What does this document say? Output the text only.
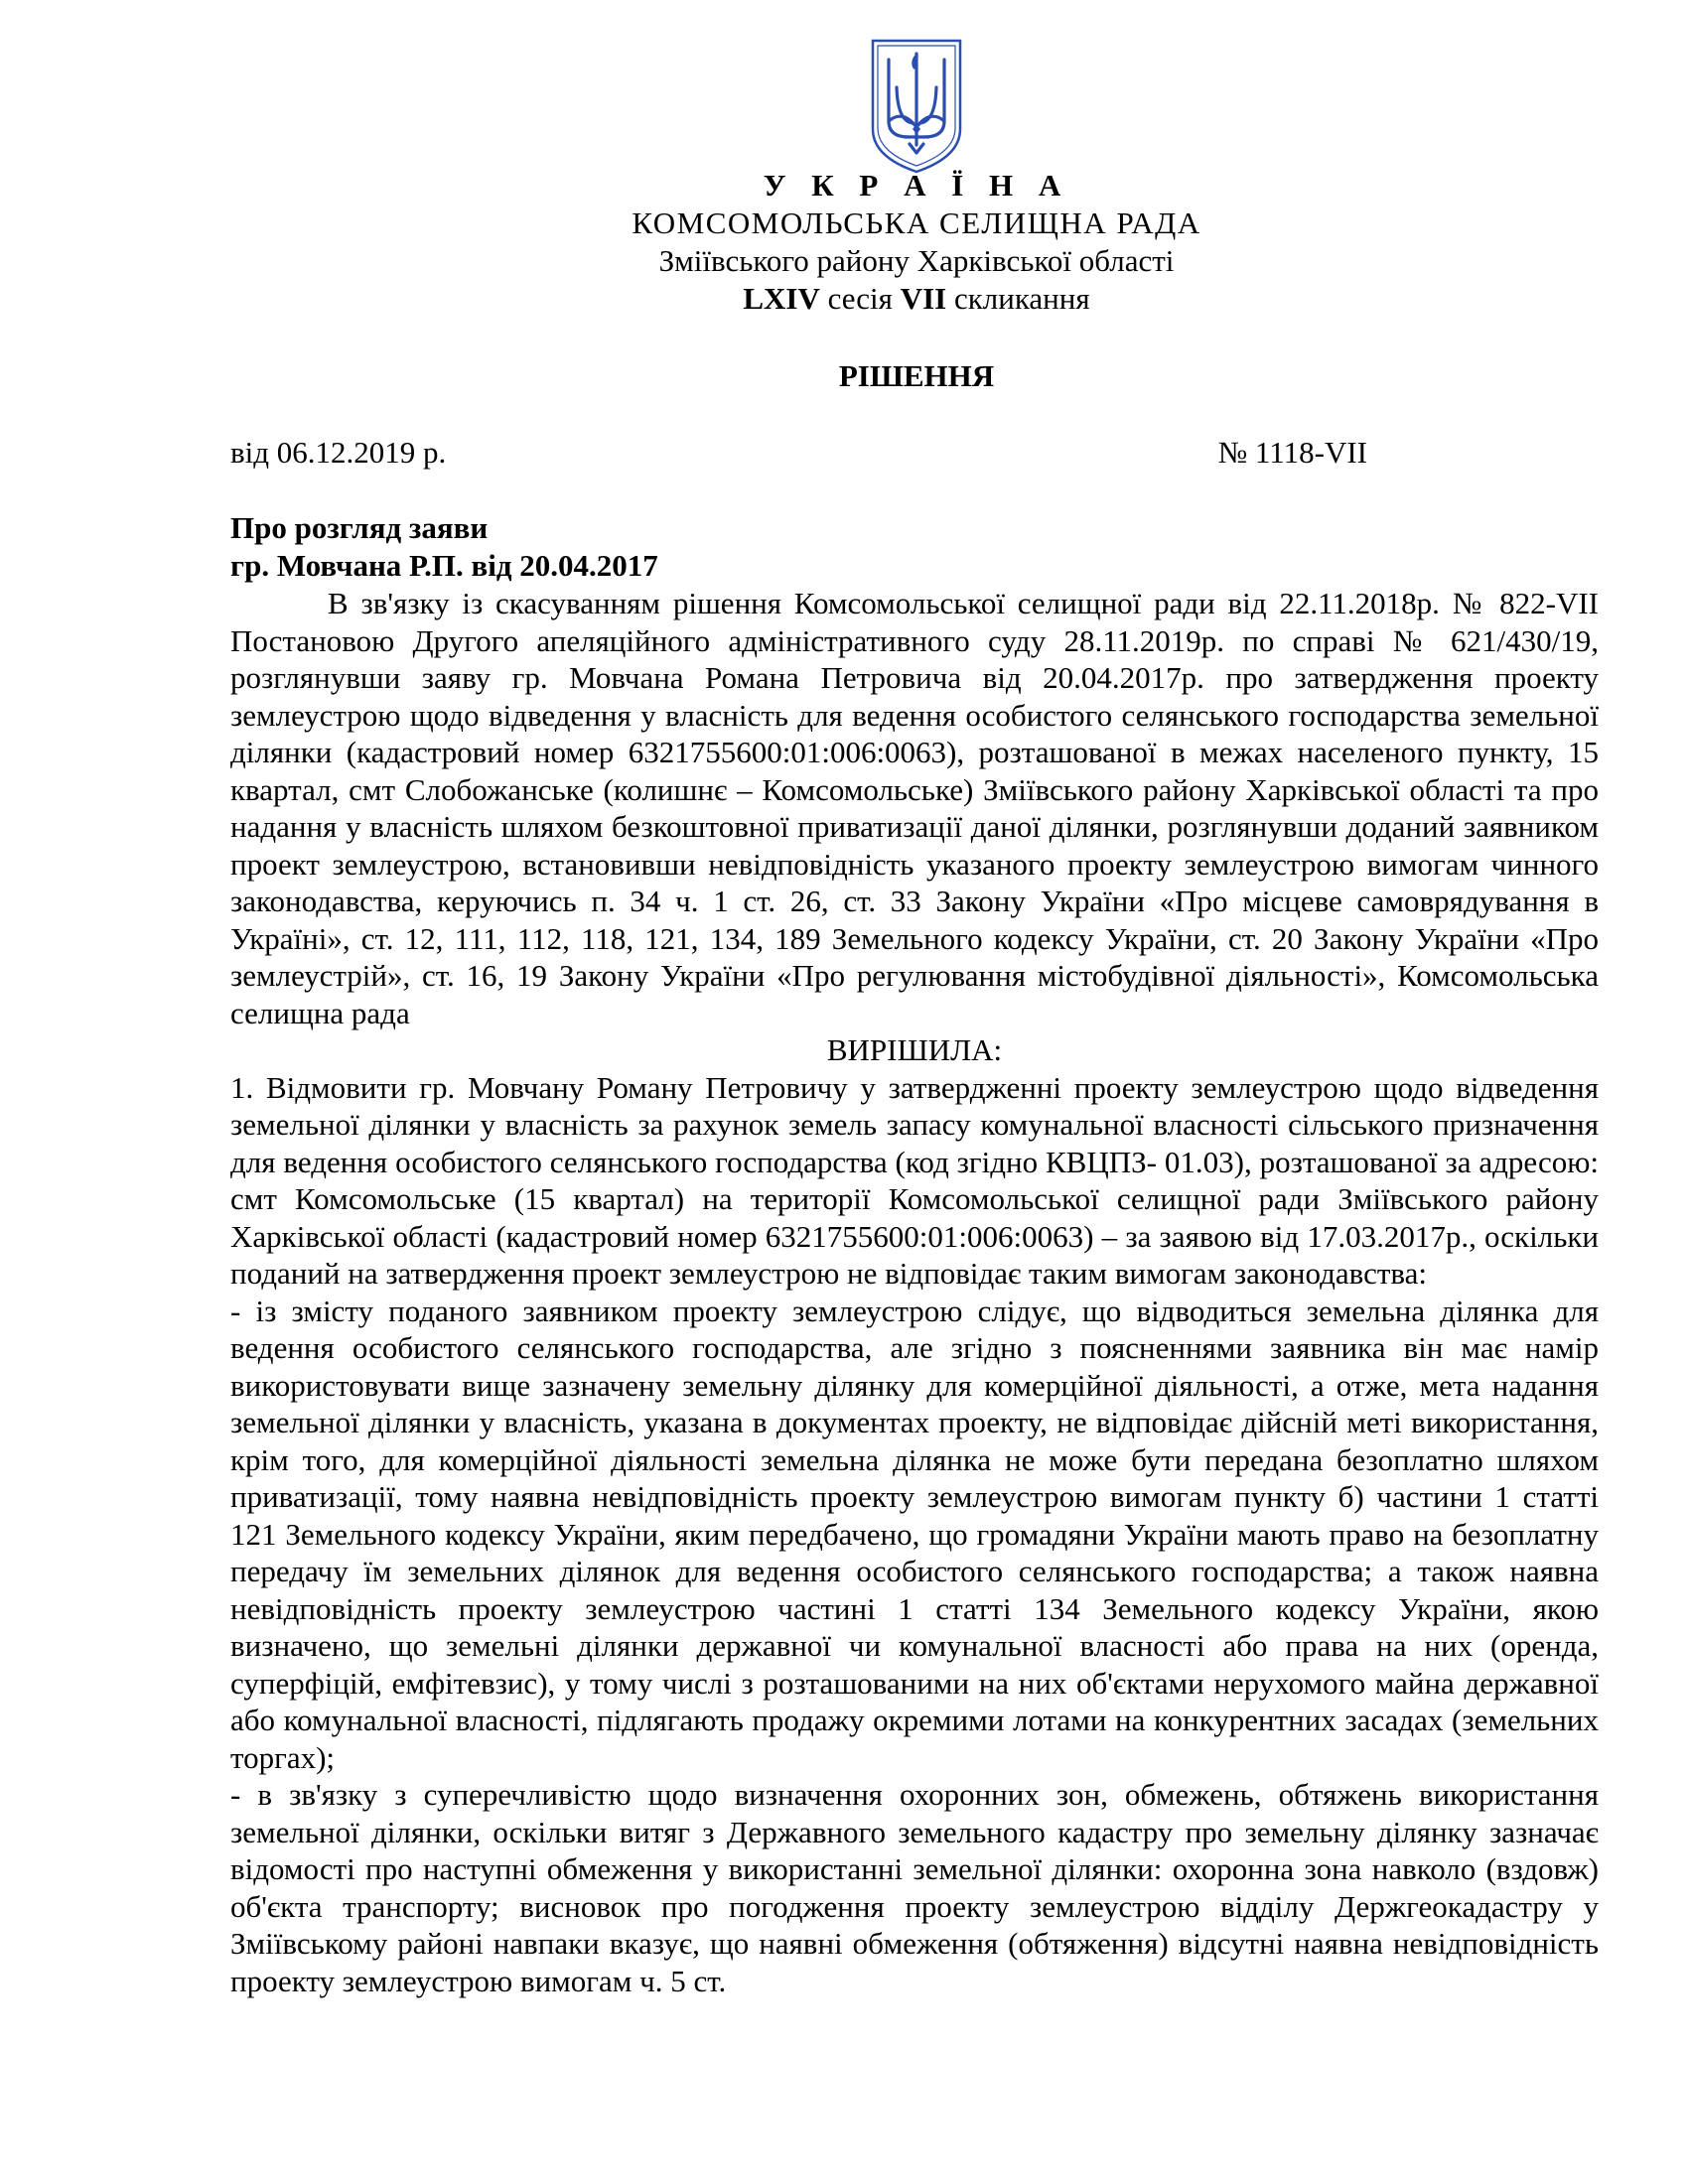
У К Р А Ї Н А
КОМСОМОЛЬСЬКА СЕЛИЩНА РАДА
Зміївського району Харківської області
LXIV сесія VII скликання
РІШЕННЯ
від 06.12.2019 р.	№ 1118-VII
Про розгляд заяви
гр. Мовчана Р.П. від 20.04.2017

В зв'язку із скасуванням рішення Комсомольської селищної ради від 22.11.2018р. № 822-VII Постановою Другого апеляційного адміністративного суду 28.11.2019р. по справі № 621/430/19, розглянувши заяву гр. Мовчана Романа Петровича від 20.04.2017р. про затвердження проекту землеустрою щодо відведення у власність для ведення особистого селянського господарства земельної ділянки (кадастровий номер 6321755600:01:006:0063), розташованої в межах населеного пункту, 15 квартал, смт Слобожанське (колишнє – Комсомольське) Зміївського району Харківської області та про надання у власність шляхом безкоштовної приватизації даної ділянки, розглянувши доданий заявником проект землеустрою, встановивши невідповідність указаного проекту землеустрою вимогам чинного законодавства, керуючись п. 34 ч. 1 ст. 26, ст. 33 Закону України «Про місцеве самоврядування в Україні», ст. 12, 111, 112, 118, 121, 134, 189 Земельного кодексу України, ст. 20 Закону України «Про землеустрій», ст. 16, 19 Закону України «Про регулювання містобудівної діяльності», Комсомольська селищна рада

ВИРІШИЛА:

1. Відмовити гр. Мовчану Роману Петровичу у затвердженні проекту землеустрою щодо відведення земельної ділянки у власність за рахунок земель запасу комунальної власності сільського призначення для ведення особистого селянського господарства (код згідно КВЦПЗ- 01.03), розташованої за адресою: смт Комсомольське (15 квартал) на території Комсомольської селищної ради Зміївського району Харківської області (кадастровий номер 6321755600:01:006:0063) – за заявою від 17.03.2017р., оскільки поданий на затвердження проект землеустрою не відповідає таким вимогам законодавства:

- із змісту поданого заявником проекту землеустрою слідує, що відводиться земельна ділянка для ведення особистого селянського господарства, але згідно з поясненнями заявника він має намір використовувати вище зазначену земельну ділянку для комерційної діяльності, а отже, мета надання земельної ділянки у власність, указана в документах проекту, не відповідає дійсній меті використання, крім того, для комерційної діяльності земельна ділянка не може бути передана безоплатно шляхом приватизації, тому наявна невідповідність проекту землеустрою вимогам пункту б) частини 1 статті 121 Земельного кодексу України, яким передбачено, що громадяни України мають право на безоплатну передачу їм земельних ділянок для ведення особистого селянського господарства; а також наявна невідповідність проекту землеустрою частині 1 статті 134 Земельного кодексу України, якою визначено, що земельні ділянки державної чи комунальної власності або права на них (оренда, суперфіцій, емфітевзис), у тому числі з розташованими на них об'єктами нерухомого майна державної або комунальної власності, підлягають продажу окремими лотами на конкурентних засадах (земельних торгах);

- в зв'язку з суперечливістю щодо визначення охоронних зон, обмежень, обтяжень використання земельної ділянки, оскільки витяг з Державного земельного кадастру про земельну ділянку зазначає відомості про наступні обмеження у використанні земельної ділянки: охоронна зона навколо (вздовж) об'єкта транспорту; висновок про погодження проекту землеустрою відділу Держгеокадастру у Зміївському районі навпаки вказує, що наявні обмеження (обтяження) відсутні наявна невідповідність проекту землеустрою вимогам ч. 5 ст.
